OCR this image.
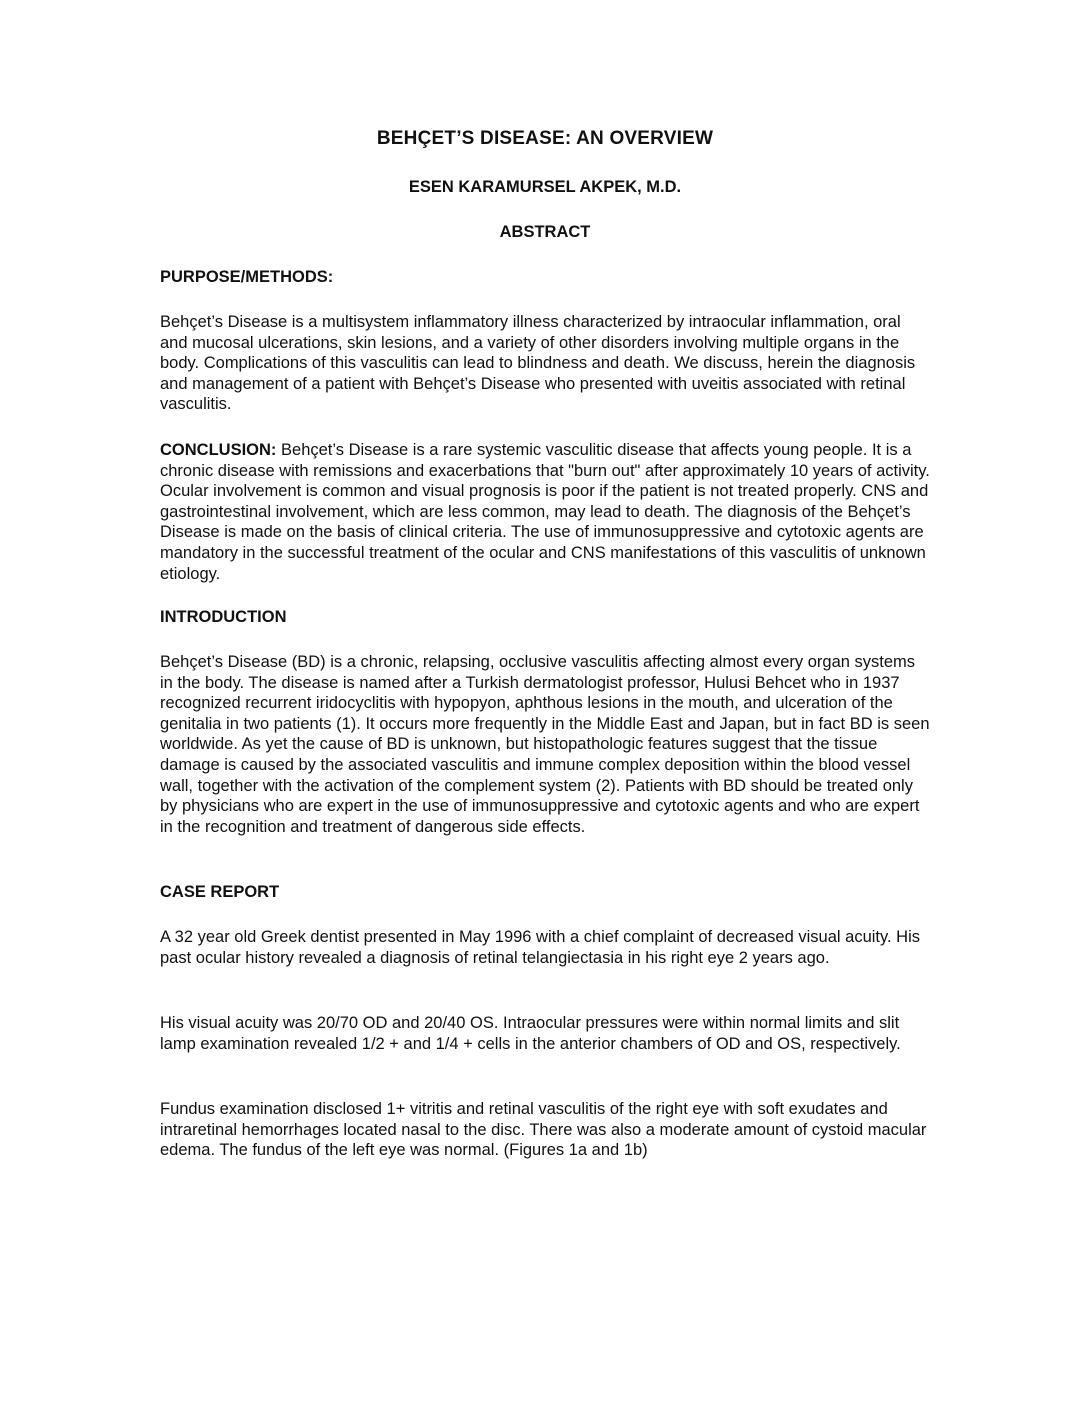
BEHÇET’S DISEASE: AN OVERVIEW
ESEN KARAMURSEL AKPEK, M.D.
ABSTRACT
PURPOSE/METHODS:

Behçet’s Disease is a multisystem inflammatory illness characterized by intraocular inflammation, oral and mucosal ulcerations, skin lesions, and a variety of other disorders involving multiple organs in the body. Complications of this vasculitis can lead to blindness and death. We discuss, herein the diagnosis and management of a patient with Behçet’s Disease who presented with uveitis associated with retinal vasculitis.

CONCLUSION: Behçet’s Disease is a rare systemic vasculitic disease that affects young people. It is a chronic disease with remissions and exacerbations that "burn out" after approximately 10 years of activity. Ocular involvement is common and visual prognosis is poor if the patient is not treated properly. CNS and gastrointestinal involvement, which are less common, may lead to death. The diagnosis of the Behçet’s Disease is made on the basis of clinical criteria. The use of immunosuppressive and cytotoxic agents are mandatory in the successful treatment of the ocular and CNS manifestations of this vasculitis of unknown etiology.

INTRODUCTION

Behçet’s Disease (BD) is a chronic, relapsing, occlusive vasculitis affecting almost every organ systems in the body. The disease is named after a Turkish dermatologist professor, Hulusi Behcet who in 1937 recognized recurrent iridocyclitis with hypopyon, aphthous lesions in the mouth, and ulceration of the genitalia in two patients (1). It occurs more frequently in the Middle East and Japan, but in fact BD is seen worldwide. As yet the cause of BD is unknown, but histopathologic features suggest that the tissue damage is caused by the associated vasculitis and immune complex deposition within the blood vessel wall, together with the activation of the complement system (2). Patients with BD should be treated only by physicians who are expert in the use of immunosuppressive and cytotoxic agents and who are expert in the recognition and treatment of dangerous side effects.

CASE REPORT

A 32 year old Greek dentist presented in May 1996 with a chief complaint of decreased visual acuity. His past ocular history revealed a diagnosis of retinal telangiectasia in his right eye 2 years ago.

His visual acuity was 20/70 OD and 20/40 OS. Intraocular pressures were within normal limits and slit lamp examination revealed 1/2 + and 1/4 + cells in the anterior chambers of OD and OS, respectively.

Fundus examination disclosed 1+ vitritis and retinal vasculitis of the right eye with soft exudates and intraretinal hemorrhages located nasal to the disc. There was also a moderate amount of cystoid macular edema. The fundus of the left eye was normal. (Figures 1a and 1b)
